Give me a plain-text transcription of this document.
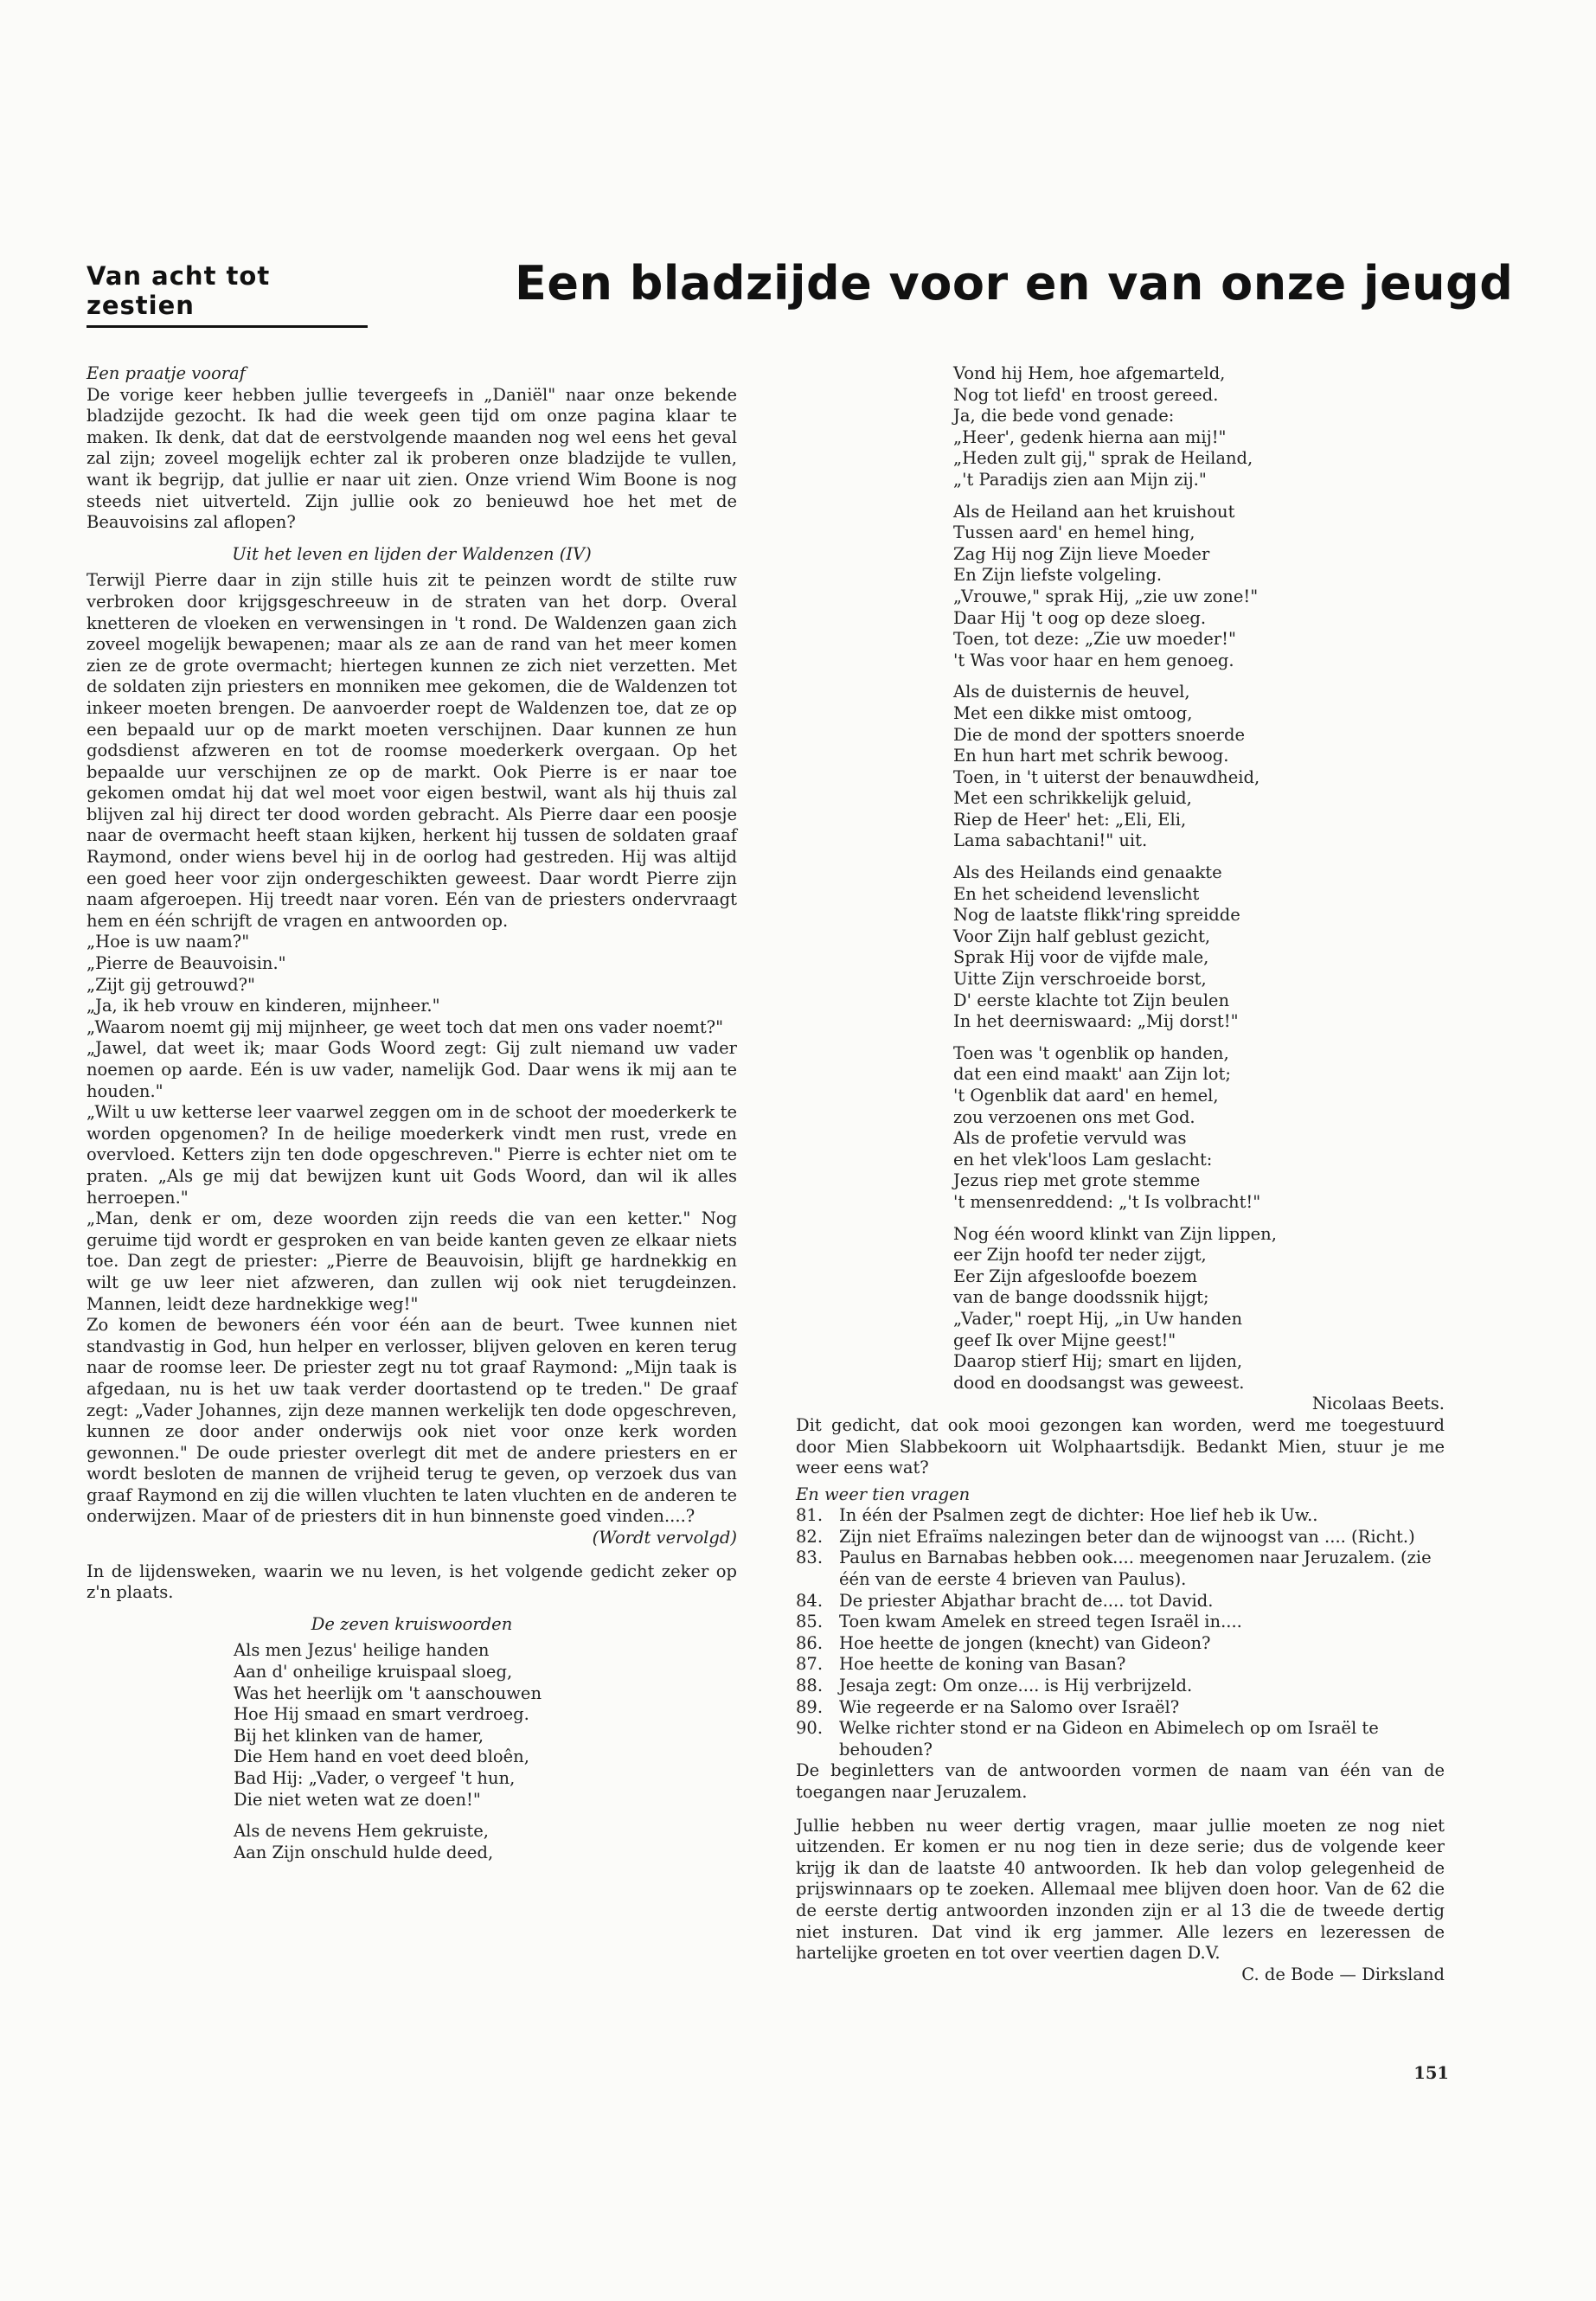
Van acht tot zestien	Een bladzijde voor en van onze jeugd
Een praatje vooraf

De vorige keer hebben jullie tevergeefs in „Daniël" naar onze bekende bladzijde gezocht. Ik had die week geen tijd om onze pagina klaar te maken. Ik denk, dat dat de eerstvolgende maanden nog wel eens het geval zal zijn; zoveel mogelijk echter zal ik proberen onze bladzijde te vullen, want ik begrijp, dat jullie er naar uit zien. Onze vriend Wim Boone is nog steeds niet uitverteld. Zijn jullie ook zo benieuwd hoe het met de Beauvoisins zal aflopen?

Uit het leven en lijden der Waldenzen (IV)

Terwijl Pierre daar in zijn stille huis zit te peinzen wordt de stilte ruw verbroken door krijgsgeschreeuw in de straten van het dorp. Overal knetteren de vloeken en verwensingen in 't rond. De Waldenzen gaan zich zoveel mogelijk bewapenen; maar als ze aan de rand van het meer komen zien ze de grote overmacht; hiertegen kunnen ze zich niet verzetten. Met de soldaten zijn priesters en monniken mee gekomen, die de Waldenzen tot inkeer moeten brengen. De aanvoerder roept de Waldenzen toe, dat ze op een bepaald uur op de markt moeten verschijnen. Daar kunnen ze hun godsdienst afzweren en tot de roomse moederkerk overgaan. Op het bepaalde uur verschijnen ze op de markt. Ook Pierre is er naar toe gekomen omdat hij dat wel moet voor eigen bestwil, want als hij thuis zal blijven zal hij direct ter dood worden gebracht. Als Pierre daar een poosje naar de overmacht heeft staan kijken, herkent hij tussen de soldaten graaf Raymond, onder wiens bevel hij in de oorlog had gestreden. Hij was altijd een goed heer voor zijn ondergeschikten geweest. Daar wordt Pierre zijn naam afgeroepen. Hij treedt naar voren. Eén van de priesters ondervraagt hem en één schrijft de vragen en antwoorden op.

„Hoe is uw naam?"

„Pierre de Beauvoisin."

„Zijt gij getrouwd?"

„Ja, ik heb vrouw en kinderen, mijnheer."

„Waarom noemt gij mij mijnheer, ge weet toch dat men ons vader noemt?"

„Jawel, dat weet ik; maar Gods Woord zegt: Gij zult niemand uw vader noemen op aarde. Eén is uw vader, namelijk God. Daar wens ik mij aan te houden."

„Wilt u uw ketterse leer vaarwel zeggen om in de schoot der moederkerk te worden opgenomen? In de heilige moederkerk vindt men rust, vrede en overvloed. Ketters zijn ten dode opgeschreven." Pierre is echter niet om te praten. „Als ge mij dat bewijzen kunt uit Gods Woord, dan wil ik alles herroepen."

„Man, denk er om, deze woorden zijn reeds die van een ketter." Nog geruime tijd wordt er gesproken en van beide kanten geven ze elkaar niets toe. Dan zegt de priester: „Pierre de Beauvoisin, blijft ge hardnekkig en wilt ge uw leer niet afzweren, dan zullen wij ook niet terugdeinzen. Mannen, leidt deze hardnekkige weg!"

Zo komen de bewoners één voor één aan de beurt. Twee kunnen niet standvastig in God, hun helper en verlosser, blijven geloven en keren terug naar de roomse leer. De priester zegt nu tot graaf Raymond: „Mijn taak is afgedaan, nu is het uw taak verder doortastend op te treden." De graaf zegt: „Vader Johannes, zijn deze mannen werkelijk ten dode opgeschreven, kunnen ze door ander onderwijs ook niet voor onze kerk worden gewonnen." De oude priester overlegt dit met de andere priesters en er wordt besloten de mannen de vrijheid terug te geven, op verzoek dus van graaf Raymond en zij die willen vluchten te laten vluchten en de anderen te onderwijzen. Maar of de priesters dit in hun binnenste goed vinden....?

(Wordt vervolgd)

In de lijdensweken, waarin we nu leven, is het volgende gedicht zeker op z'n plaats.

De zeven kruiswoorden
Als men Jezus' heilige handen
Aan d' onheilige kruispaal sloeg,
Was het heerlijk om 't aanschouwen
Hoe Hij smaad en smart verdroeg.
Bij het klinken van de hamer,
Die Hem hand en voet deed bloên,
Bad Hij: „Vader, o vergeef 't hun,
Die niet weten wat ze doen!"
Als de nevens Hem gekruiste,
Aan Zijn onschuld hulde deed,
Vond hij Hem, hoe afgemarteld,
Nog tot liefd' en troost gereed.
Ja, die bede vond genade:
„Heer', gedenk hierna aan mij!"
„Heden zult gij," sprak de Heiland,
„'t Paradijs zien aan Mijn zij."
Als de Heiland aan het kruishout
Tussen aard' en hemel hing,
Zag Hij nog Zijn lieve Moeder
En Zijn liefste volgeling.
„Vrouwe," sprak Hij, „zie uw zone!"
Daar Hij 't oog op deze sloeg.
Toen, tot deze: „Zie uw moeder!"
't Was voor haar en hem genoeg.
Als de duisternis de heuvel,
Met een dikke mist omtoog,
Die de mond der spotters snoerde
En hun hart met schrik bewoog.
Toen, in 't uiterst der benauwdheid,
Met een schrikkelijk geluid,
Riep de Heer' het: „Eli, Eli,
Lama sabachtani!" uit.
Als des Heilands eind genaakte
En het scheidend levenslicht
Nog de laatste flikk'ring spreidde
Voor Zijn half geblust gezicht,
Sprak Hij voor de vijfde male,
Uitte Zijn verschroeide borst,
D' eerste klachte tot Zijn beulen
In het deerniswaard: „Mij dorst!"
Toen was 't ogenblik op handen,
dat een eind maakt' aan Zijn lot;
't Ogenblik dat aard' en hemel,
zou verzoenen ons met God.
Als de profetie vervuld was
en het vlek'loos Lam geslacht:
Jezus riep met grote stemme
't mensenreddend: „'t Is volbracht!"
Nog één woord klinkt van Zijn lippen,
eer Zijn hoofd ter neder zijgt,
Eer Zijn afgesloofde boezem
van de bange doodssnik hijgt;
„Vader," roept Hij, „in Uw handen
geef Ik over Mijne geest!"
Daarop stierf Hij; smart en lijden,
dood en doodsangst was geweest.
Nicolaas Beets.

Dit gedicht, dat ook mooi gezongen kan worden, werd me toegestuurd door Mien Slabbekoorn uit Wolphaartsdijk. Bedankt Mien, stuur je me weer eens wat?

En weer tien vragen
81. In één der Psalmen zegt de dichter: Hoe lief heb ik Uw..
82. Zijn niet Efraïms nalezingen beter dan de wijnoogst van .... (Richt.)
83. Paulus en Barnabas hebben ook.... meegenomen naar Jeruzalem. (zie één van de eerste 4 brieven van Paulus).
84. De priester Abjathar bracht de.... tot David.
85. Toen kwam Amelek en streed tegen Israël in....
86. Hoe heette de jongen (knecht) van Gideon?
87. Hoe heette de koning van Basan?
88. Jesaja zegt: Om onze.... is Hij verbrijzeld.
89. Wie regeerde er na Salomo over Israël?
90. Welke richter stond er na Gideon en Abimelech op om Israël te behouden?

De beginletters van de antwoorden vormen de naam van één van de toegangen naar Jeruzalem.

Jullie hebben nu weer dertig vragen, maar jullie moeten ze nog niet uitzenden. Er komen er nu nog tien in deze serie; dus de volgende keer krijg ik dan de laatste 40 antwoorden. Ik heb dan volop gelegenheid de prijswinnaars op te zoeken. Allemaal mee blijven doen hoor. Van de 62 die de eerste dertig antwoorden inzonden zijn er al 13 die de tweede dertig niet insturen. Dat vind ik erg jammer. Alle lezers en lezeressen de hartelijke groeten en tot over veertien dagen D.V.

C. de Bode — Dirksland
151
